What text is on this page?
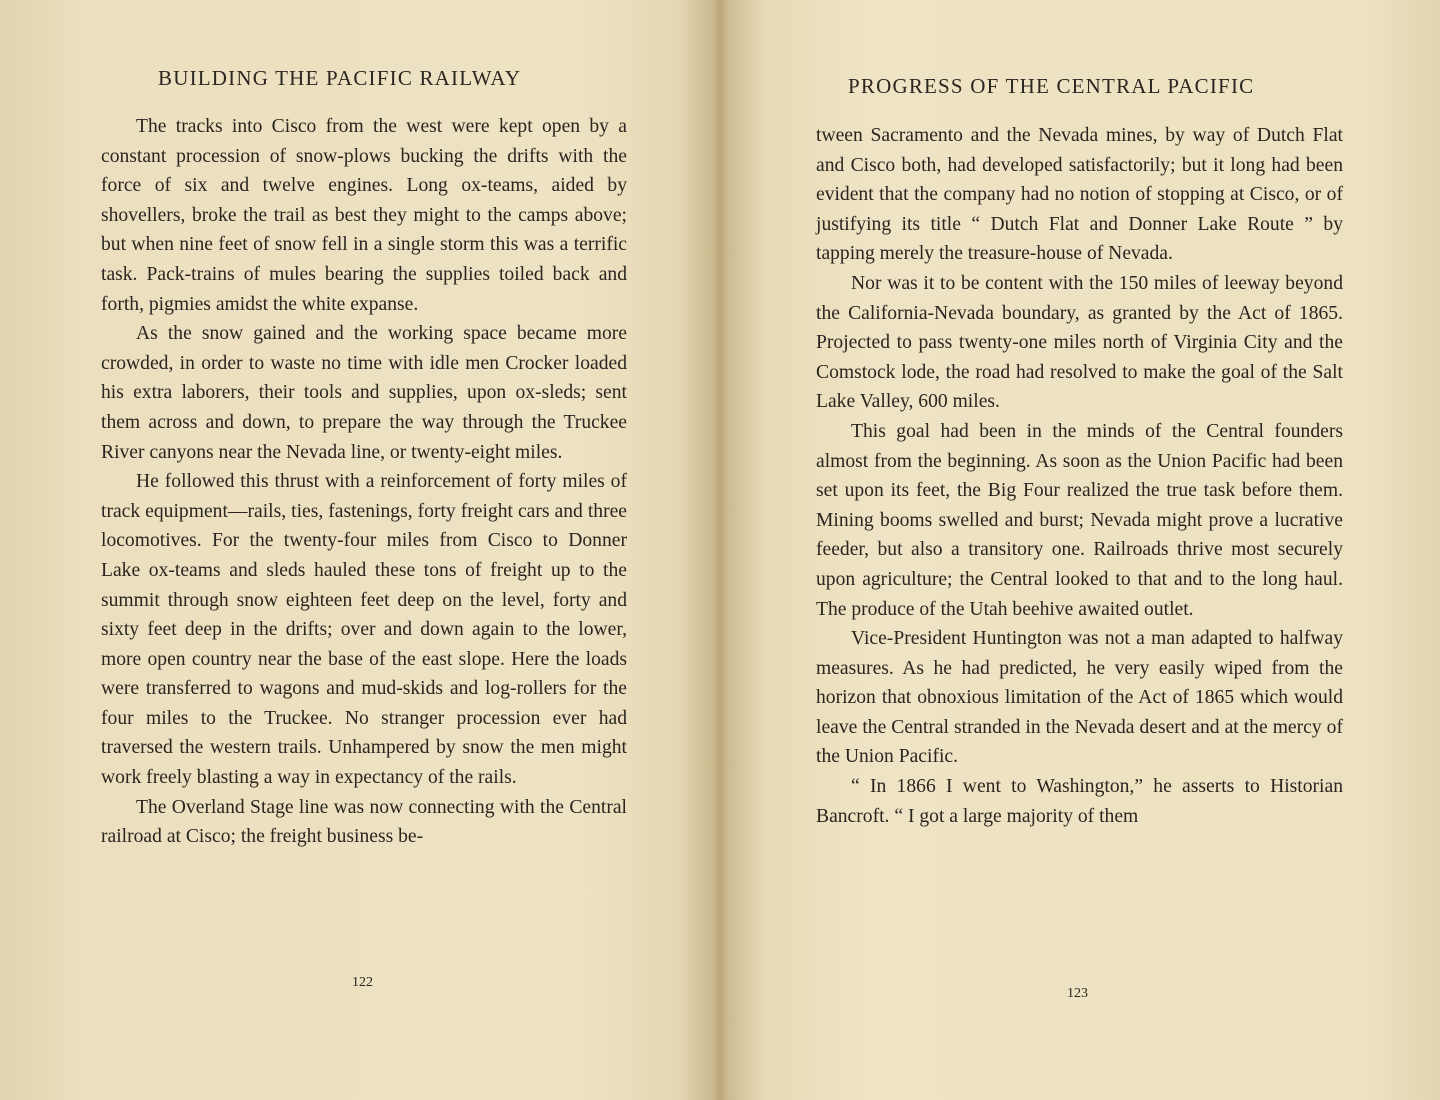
BUILDING THE PACIFIC RAILWAY

The tracks into Cisco from the west were kept open by a constant procession of snow-plows bucking the drifts with the force of six and twelve engines. Long ox-teams, aided by shovellers, broke the trail as best they might to the camps above; but when nine feet of snow fell in a single storm this was a terrific task. Pack-trains of mules bearing the supplies toiled back and forth, pigmies amidst the white expanse.

As the snow gained and the working space became more crowded, in order to waste no time with idle men Crocker loaded his extra laborers, their tools and supplies, upon ox-sleds; sent them across and down, to prepare the way through the Truckee River canyons near the Nevada line, or twenty-eight miles.

He followed this thrust with a reinforcement of forty miles of track equipment—rails, ties, fastenings, forty freight cars and three locomotives. For the twenty-four miles from Cisco to Donner Lake ox-teams and sleds hauled these tons of freight up to the summit through snow eighteen feet deep on the level, forty and sixty feet deep in the drifts; over and down again to the lower, more open country near the base of the east slope. Here the loads were transferred to wagons and mud-skids and log-rollers for the four miles to the Truckee. No stranger procession ever had traversed the western trails. Unhampered by snow the men might work freely blasting a way in expectancy of the rails.

The Overland Stage line was now connecting with the Central railroad at Cisco; the freight business be-

122
PROGRESS OF THE CENTRAL PACIFIC

tween Sacramento and the Nevada mines, by way of Dutch Flat and Cisco both, had developed satisfactorily; but it long had been evident that the company had no notion of stopping at Cisco, or of justifying its title “ Dutch Flat and Donner Lake Route ” by tapping merely the treasure-house of Nevada.

Nor was it to be content with the 150 miles of leeway beyond the California-Nevada boundary, as granted by the Act of 1865. Projected to pass twenty-one miles north of Virginia City and the Comstock lode, the road had resolved to make the goal of the Salt Lake Valley, 600 miles.

This goal had been in the minds of the Central founders almost from the beginning. As soon as the Union Pacific had been set upon its feet, the Big Four realized the true task before them. Mining booms swelled and burst; Nevada might prove a lucrative feeder, but also a transitory one. Railroads thrive most securely upon agriculture; the Central looked to that and to the long haul. The produce of the Utah beehive awaited outlet.

Vice-President Huntington was not a man adapted to halfway measures. As he had predicted, he very easily wiped from the horizon that obnoxious limitation of the Act of 1865 which would leave the Central stranded in the Nevada desert and at the mercy of the Union Pacific.

“ In 1866 I went to Washington,” he asserts to Historian Bancroft. “ I got a large majority of them

123
